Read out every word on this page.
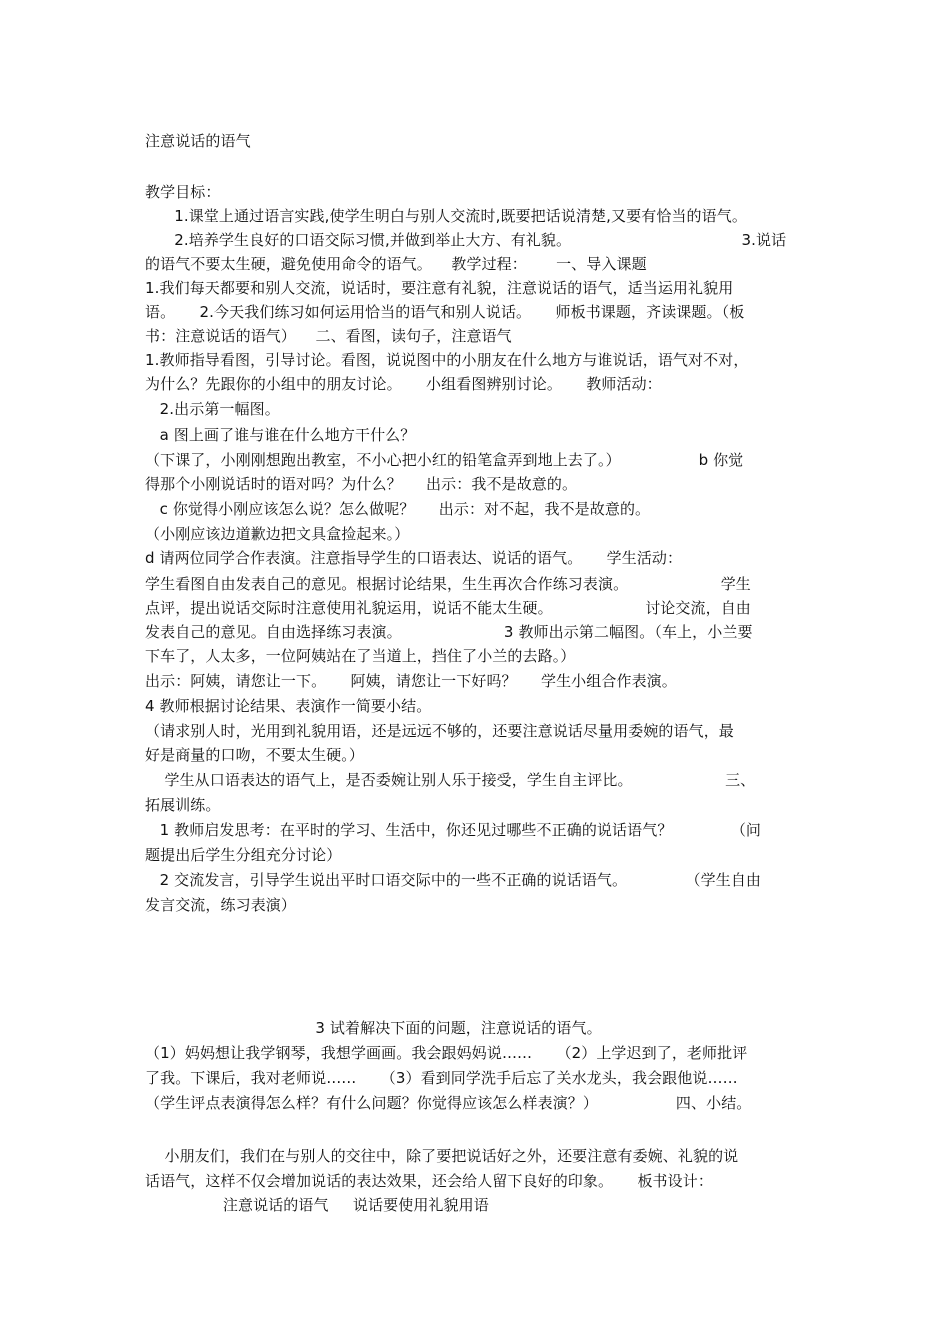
注意说话的语气
教学目标：
1.课堂上通过语言实践,使学生明白与别人交流时,既要把话说清楚,又要有恰当的语气。
2.培养学生良好的口语交际习惯,并做到举止大方、有礼貌。                                   3.说话
的语气不要太生硬，避免使用命令的语气。    教学过程：      一、导入课题
1.我们每天都要和别人交流，说话时，要注意有礼貌，注意说话的语气，适当运用礼貌用
语。     2.今天我们练习如何运用恰当的语气和别人说话。     师板书课题，齐读课题。（板
书：注意说话的语气）    二、看图，读句子，注意语气
1.教师指导看图，引导讨论。看图，说说图中的小朋友在什么地方与谁说话，语气对不对，
为什么？先跟你的小组中的朋友讨论。     小组看图辨别讨论。     教师活动：
2.出示第一幅图。
a 图上画了谁与谁在什么地方干什么？
（下课了，小刚刚想跑出教室，不小心把小红的铅笔盒弄到地上去了。）                b 你觉
得那个小刚说话时的语对吗？为什么？     出示：我不是故意的。
c 你觉得小刚应该怎么说？怎么做呢？     出示：对不起，我不是故意的。
（小刚应该边道歉边把文具盒捡起来。）
d 请两位同学合作表演。注意指导学生的口语表达、说话的语气。     学生活动：
学生看图自由发表自己的意见。根据讨论结果，生生再次合作练习表演。                   学生
点评，提出说话交际时注意使用礼貌运用，说话不能太生硬。                   讨论交流，自由
发表自己的意见。自由选择练习表演。                     3 教师出示第二幅图。（车上，小兰要
下车了，人太多，一位阿姨站在了当道上，挡住了小兰的去路。）
出示：阿姨，请您让一下。     阿姨，请您让一下好吗？     学生小组合作表演。
4 教师根据讨论结果、表演作一简要小结。
（请求别人时，光用到礼貌用语，还是远远不够的，还要注意说话尽量用委婉的语气，最
好是商量的口吻，不要太生硬。）
学生从口语表达的语气上，是否委婉让别人乐于接受，学生自主评比。                   三、
拓展训练。
1 教师启发思考：在平时的学习、生活中，你还见过哪些不正确的说话语气？            （问
题提出后学生分组充分讨论）
2 交流发言，引导学生说出平时口语交际中的一些不正确的说话语气。            （学生自由
发言交流，练习表演）
3 试着解决下面的问题，注意说话的语气。
（1）妈妈想让我学钢琴，我想学画画。我会跟妈妈说……     （2）上学迟到了，老师批评
了我。下课后，我对老师说……     （3）看到同学洗手后忘了关水龙头，我会跟他说……
（学生评点表演得怎么样？有什么问题？你觉得应该怎么样表演？）                四、小结。
小朋友们，我们在与别人的交往中，除了要把说话好之外，还要注意有委婉、礼貌的说
话语气，这样不仅会增加说话的表达效果，还会给人留下良好的印象。     板书设计：
注意说话的语气     说话要使用礼貌用语
